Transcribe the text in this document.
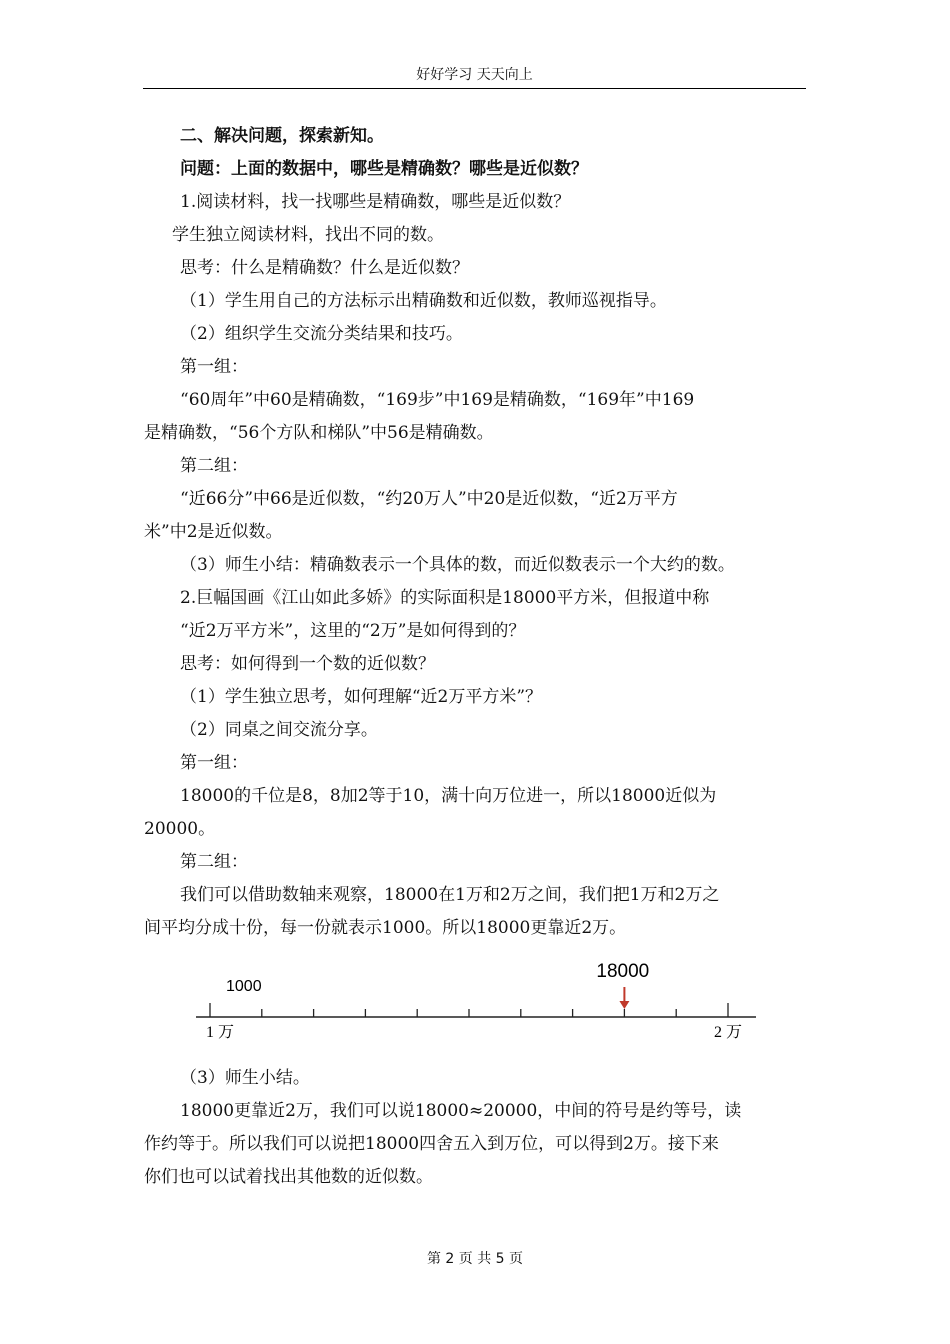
好好学习 天天向上
二、解决问题，探索新知。
问题：上面的数据中，哪些是精确数？哪些是近似数？
1.阅读材料，找一找哪些是精确数，哪些是近似数？
学生独立阅读材料，找出不同的数。
思考：什么是精确数？什么是近似数？
（1）学生用自己的方法标示出精确数和近似数，教师巡视指导。
（2）组织学生交流分类结果和技巧。
第一组：
“60周年”中60是精确数，“169步”中169是精确数，“169年”中169
是精确数，“56个方队和梯队”中56是精确数。
第二组：
“近66分”中66是近似数，“约20万人”中20是近似数，“近2万平方
米”中2是近似数。
（3）师生小结：精确数表示一个具体的数，而近似数表示一个大约的数。
2.巨幅国画《江山如此多娇》的实际面积是18000平方米，但报道中称
“近2万平方米”，这里的“2万”是如何得到的？
思考：如何得到一个数的近似数？
（1）学生独立思考，如何理解“近2万平方米”？
（2）同桌之间交流分享。
第一组：
18000的千位是8，8加2等于10，满十向万位进一，所以18000近似为
20000。
第二组：
我们可以借助数轴来观察，18000在1万和2万之间，我们把1万和2万之
间平均分成十份，每一份就表示1000。所以18000更靠近2万。
1000
18000
1 万	2 万
（3）师生小结。
18000更靠近2万，我们可以说18000≈20000，中间的符号是约等号，读
作约等于。所以我们可以说把18000四舍五入到万位，可以得到2万。接下来
你们也可以试着找出其他数的近似数。
第 2 页 共 5 页
